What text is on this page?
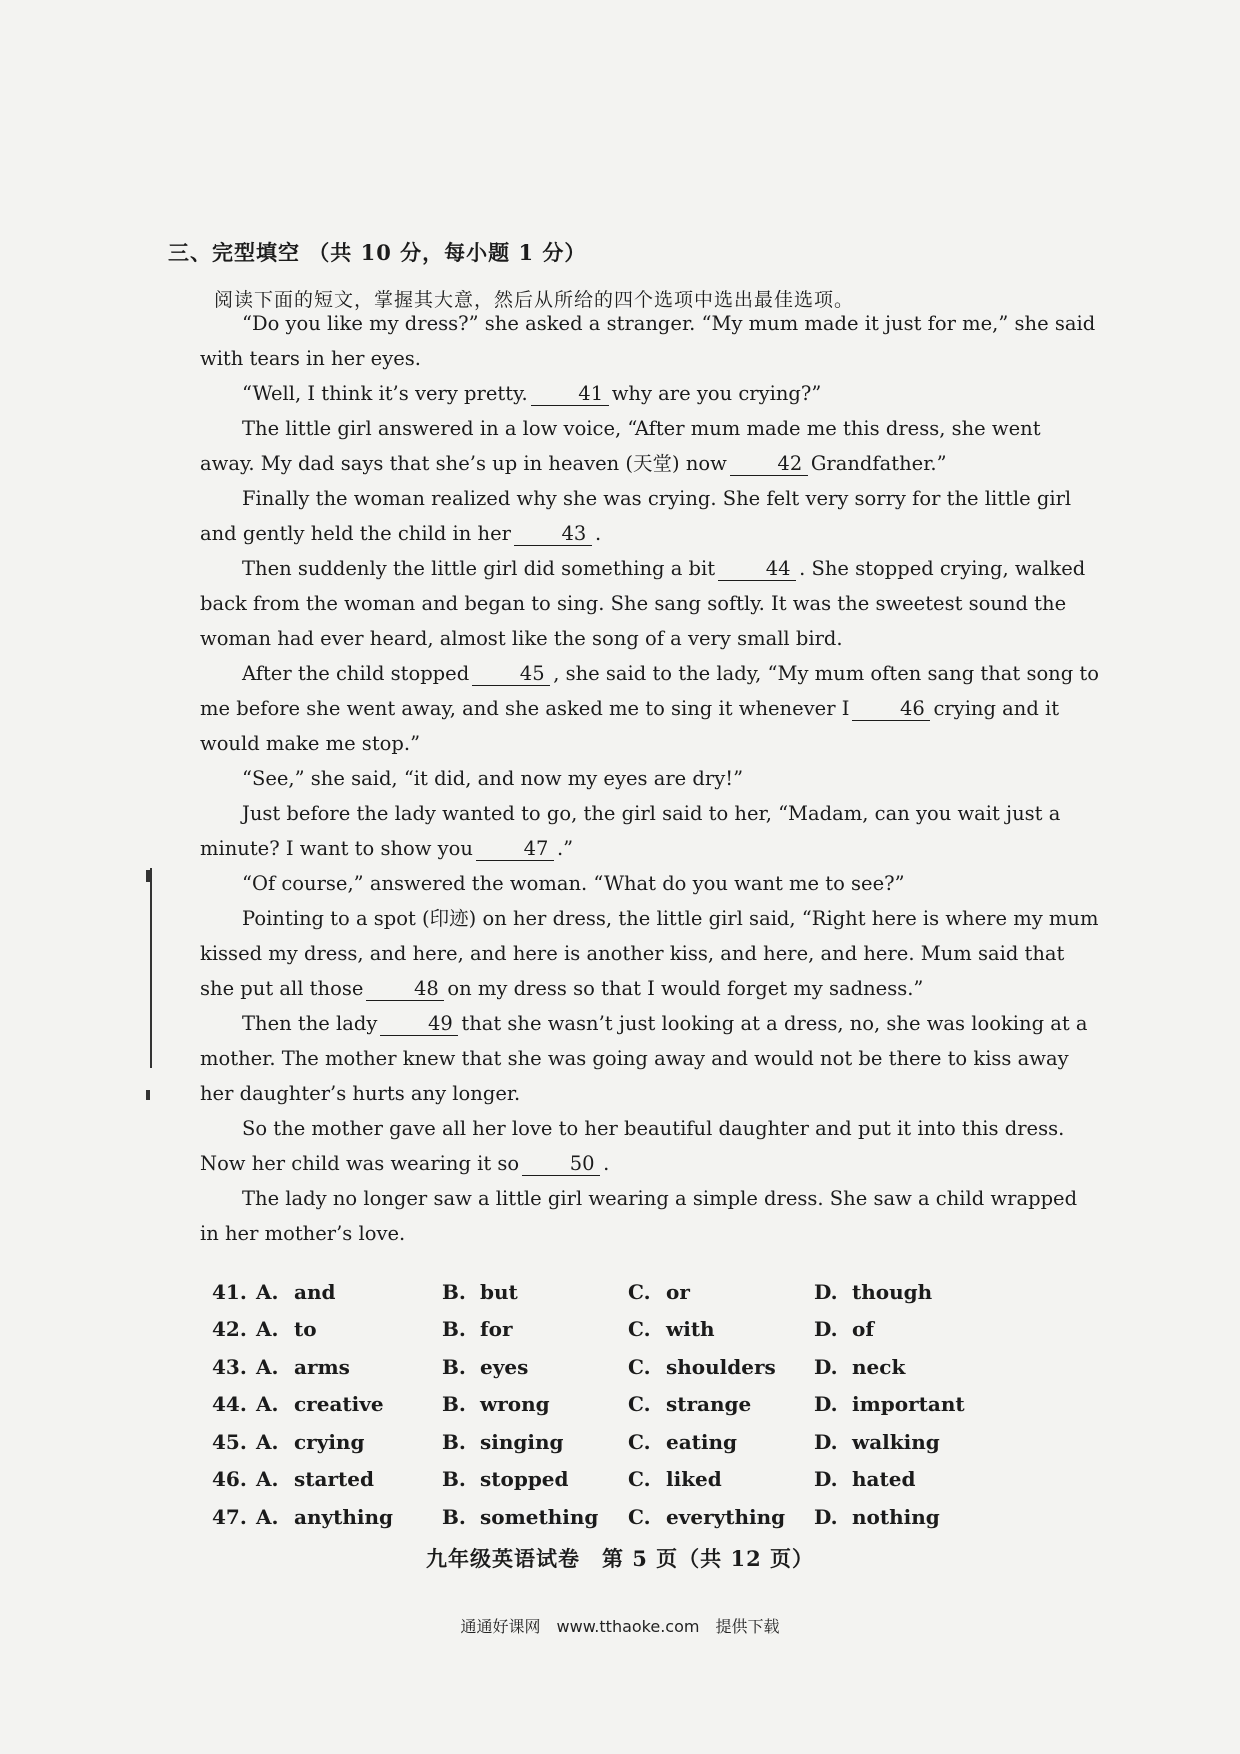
三、完型填空 （共 10 分，每小题 1 分）
阅读下面的短文，掌握其大意，然后从所给的四个选项中选出最佳选项。

“Do you like my dress?” she asked a stranger. “My mum made it just for me,” she said with tears in her eyes.

“Well, I think it’s very pretty.	41 why are you crying?”

The little girl answered in a low voice, “After mum made me this dress, she went away. My dad says that she’s up in heaven (天堂) now	42 Grandfather.”

Finally the woman realized why she was crying. She felt very sorry for the little girl and gently held the child in her	43 .

Then suddenly the little girl did something a bit	44 . She stopped crying, walked back from the woman and began to sing. She sang softly. It was the sweetest sound the woman had ever heard, almost like the song of a very small bird.

After the child stopped	45 , she said to the lady, “My mum often sang that song to me before she went away, and she asked me to sing it whenever I	46 crying and it would make me stop.”

“See,” she said, “it did, and now my eyes are dry!”

Just before the lady wanted to go, the girl said to her, “Madam, can you wait just a minute? I want to show you	47 .”

“Of course,” answered the woman. “What do you want me to see?”

Pointing to a spot (印迹) on her dress, the little girl said, “Right here is where my mum kissed my dress, and here, and here is another kiss, and here, and here. Mum said that she put all those	48 on my dress so that I would forget my sadness.”

Then the lady	49 that she wasn’t just looking at a dress, no, she was looking at a mother. The mother knew that she was going away and would not be there to kiss away her daughter’s hurts any longer.

So the mother gave all her love to her beautiful daughter and put it into this dress. Now her child was wearing it so	50 .

The lady no longer saw a little girl wearing a simple dress. She saw a child wrapped in her mother’s love.

41. A. and	B. but	C. or	D. though
42. A. to	B. for	C. with	D. of
43. A. arms	B. eyes	C. shoulders	D. neck
44. A. creative	B. wrong	C. strange	D. important
45. A. crying	B. singing	C. eating	D. walking
46. A. started	B. stopped	C. liked	D. hated
47. A. anything	B. something	C. everything	D. nothing
九年级英语试卷　第 5 页（共 12 页）
通通好课网　www.tthaoke.com　提供下载
